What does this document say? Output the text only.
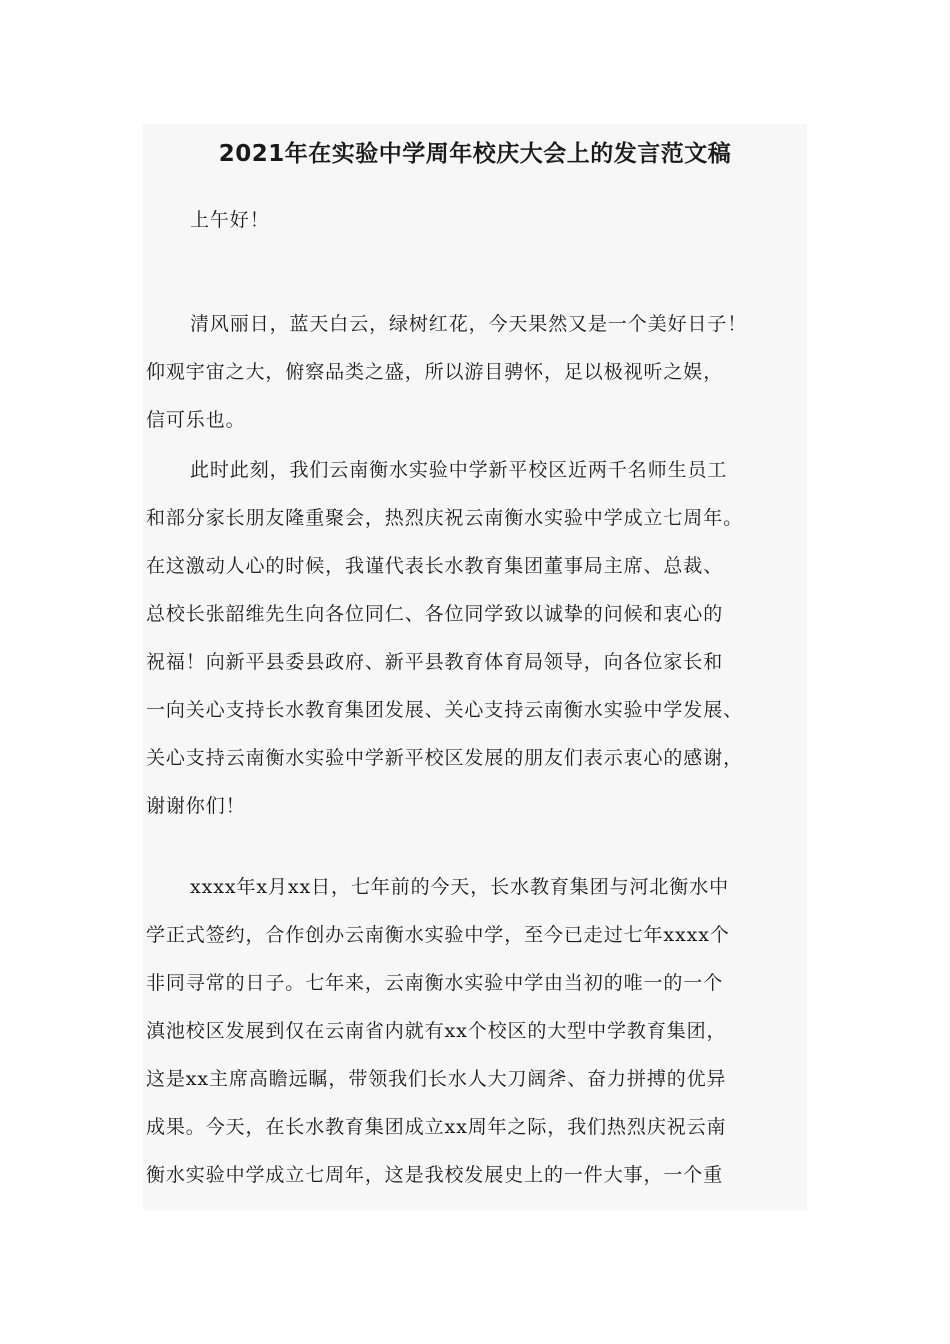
2021年在实验中学周年校庆大会上的发言范文稿

上午好！

清风丽日，蓝天白云，绿树红花，今天果然又是一个美好日子！
仰观宇宙之大，俯察品类之盛，所以游目骋怀，足以极视听之娱，
信可乐也。

此时此刻，我们云南衡水实验中学新平校区近两千名师生员工
和部分家长朋友隆重聚会，热烈庆祝云南衡水实验中学成立七周年。
在这激动人心的时候，我谨代表长水教育集团董事局主席、总裁、
总校长张韶维先生向各位同仁、各位同学致以诚挚的问候和衷心的
祝福！向新平县委县政府、新平县教育体育局领导，向各位家长和
一向关心支持长水教育集团发展、关心支持云南衡水实验中学发展、
关心支持云南衡水实验中学新平校区发展的朋友们表示衷心的感谢，
谢谢你们！

xxxx年x月xx日，七年前的今天，长水教育集团与河北衡水中
学正式签约，合作创办云南衡水实验中学，至今已走过七年xxxx个
非同寻常的日子。七年来，云南衡水实验中学由当初的唯一的一个
滇池校区发展到仅在云南省内就有xx个校区的大型中学教育集团，
这是xx主席高瞻远瞩，带领我们长水人大刀阔斧、奋力拼搏的优异
成果。今天，在长水教育集团成立xx周年之际，我们热烈庆祝云南
衡水实验中学成立七周年，这是我校发展史上的一件大事，一个重
